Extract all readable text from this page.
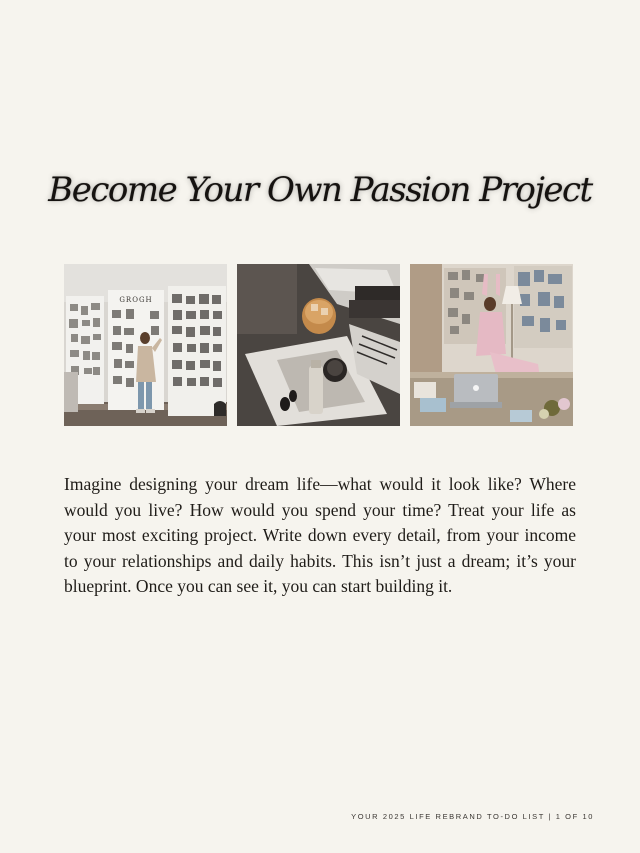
Become Your Own Passion Project
GROGH

Imagine designing your dream life—what would it look like? Where would you live? How would you spend your time? Treat your life as your most exciting project. Write down every detail, from your income to your relationships and daily habits. This isn’t just a dream; it’s your blueprint. Once you can see it, you can start building it.

YOUR 2025 LIFE REBRAND TO-DO LIST | 1 OF 10
